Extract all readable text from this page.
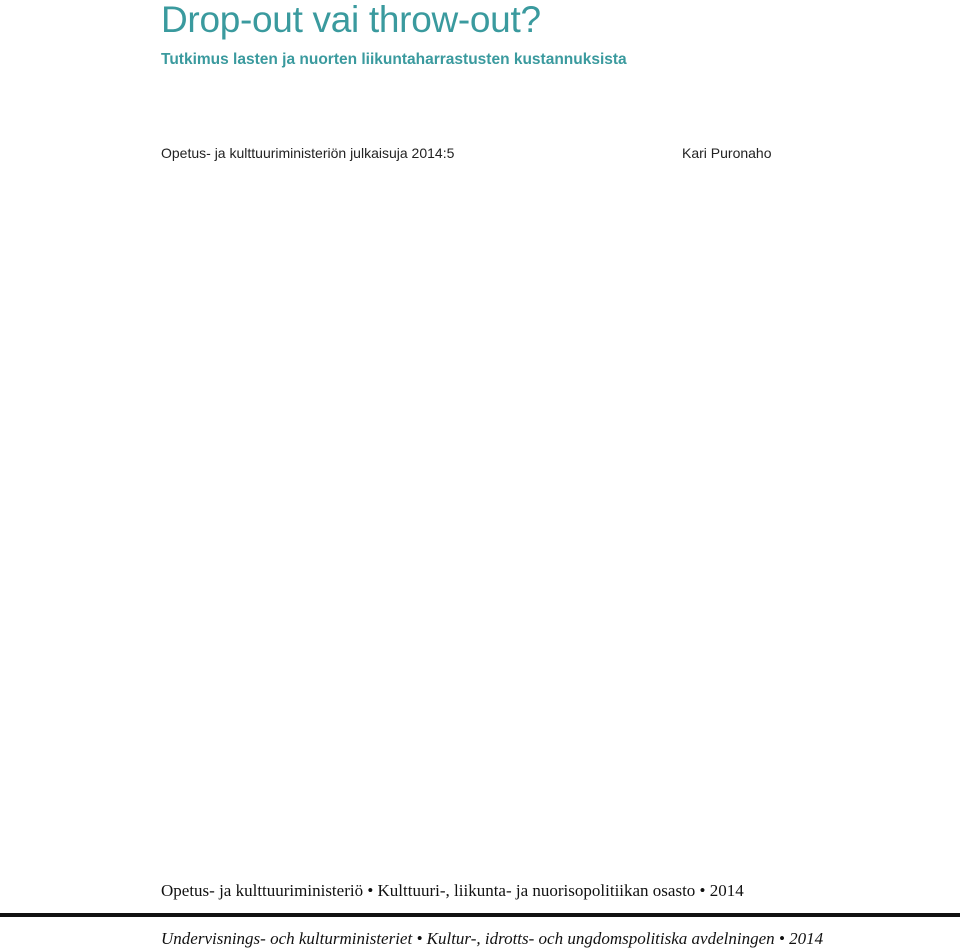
Drop-out vai throw-out?
Tutkimus lasten ja nuorten liikuntaharrastusten kustannuksista
Opetus- ja kulttuuriministeriön julkaisuja 2014:5	Kari Puronaho
Opetus- ja kulttuuriministeriö • Kulttuuri-, liikunta- ja nuorisopolitiikan osasto • 2014
Undervisnings- och kulturministeriet • Kultur-, idrotts- och ungdomspolitiska avdelningen • 2014
